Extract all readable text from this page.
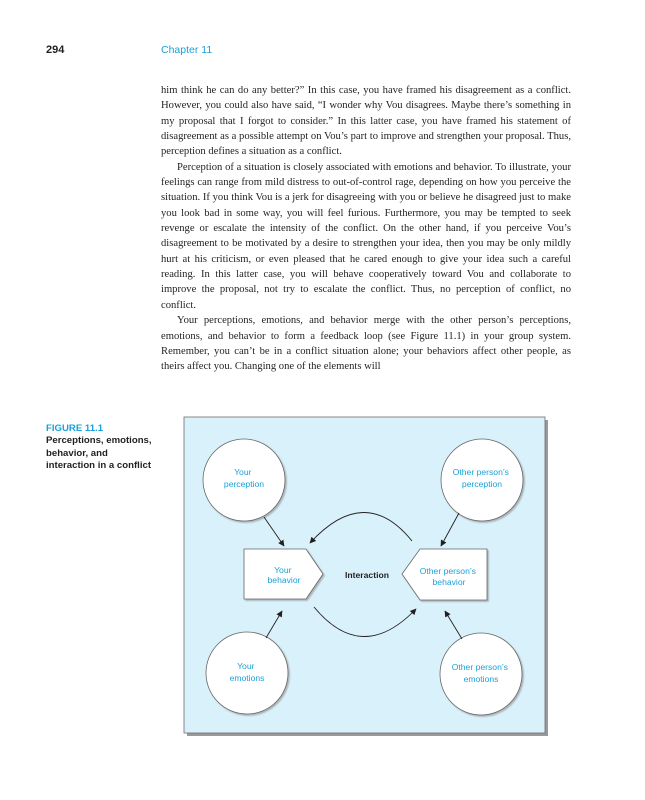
294	Chapter 11

him think he can do any better?” In this case, you have framed his disagreement as a conflict. However, you could also have said, “I wonder why Vou disagrees. Maybe there’s something in my proposal that I forgot to consider.” In this latter case, you have framed his statement of disagreement as a possible attempt on Vou’s part to improve and strengthen your proposal. Thus, perception defines a situation as a conflict.

Perception of a situation is closely associated with emotions and behavior. To illustrate, your feelings can range from mild distress to out-of-control rage, depending on how you perceive the situation. If you think Vou is a jerk for disagreeing with you or believe he disagreed just to make you look bad in some way, you will feel furious. Furthermore, you may be tempted to seek revenge or escalate the intensity of the conflict. On the other hand, if you perceive Vou’s disagreement to be motivated by a desire to strengthen your idea, then you may be only mildly hurt at his criticism, or even pleased that he cared enough to give your idea such a careful reading. In this latter case, you will behave cooperatively toward Vou and collaborate to improve the proposal, not try to escalate the conflict. Thus, no perception of conflict, no conflict.

Your perceptions, emotions, and behavior merge with the other person’s perceptions, emotions, and behavior to form a feedback loop (see Figure 11.1) in your group system. Remember, you can’t be in a conflict situation alone; your behaviors affect other people, as theirs affect you. Changing one of the elements will

FIGURE 11.1
Perceptions, emotions, behavior, and interaction in a conflict
Your perception
Other person’s perception
Your emotions
Other person’s emotions
Your behavior
Other person’s behavior
Interaction
